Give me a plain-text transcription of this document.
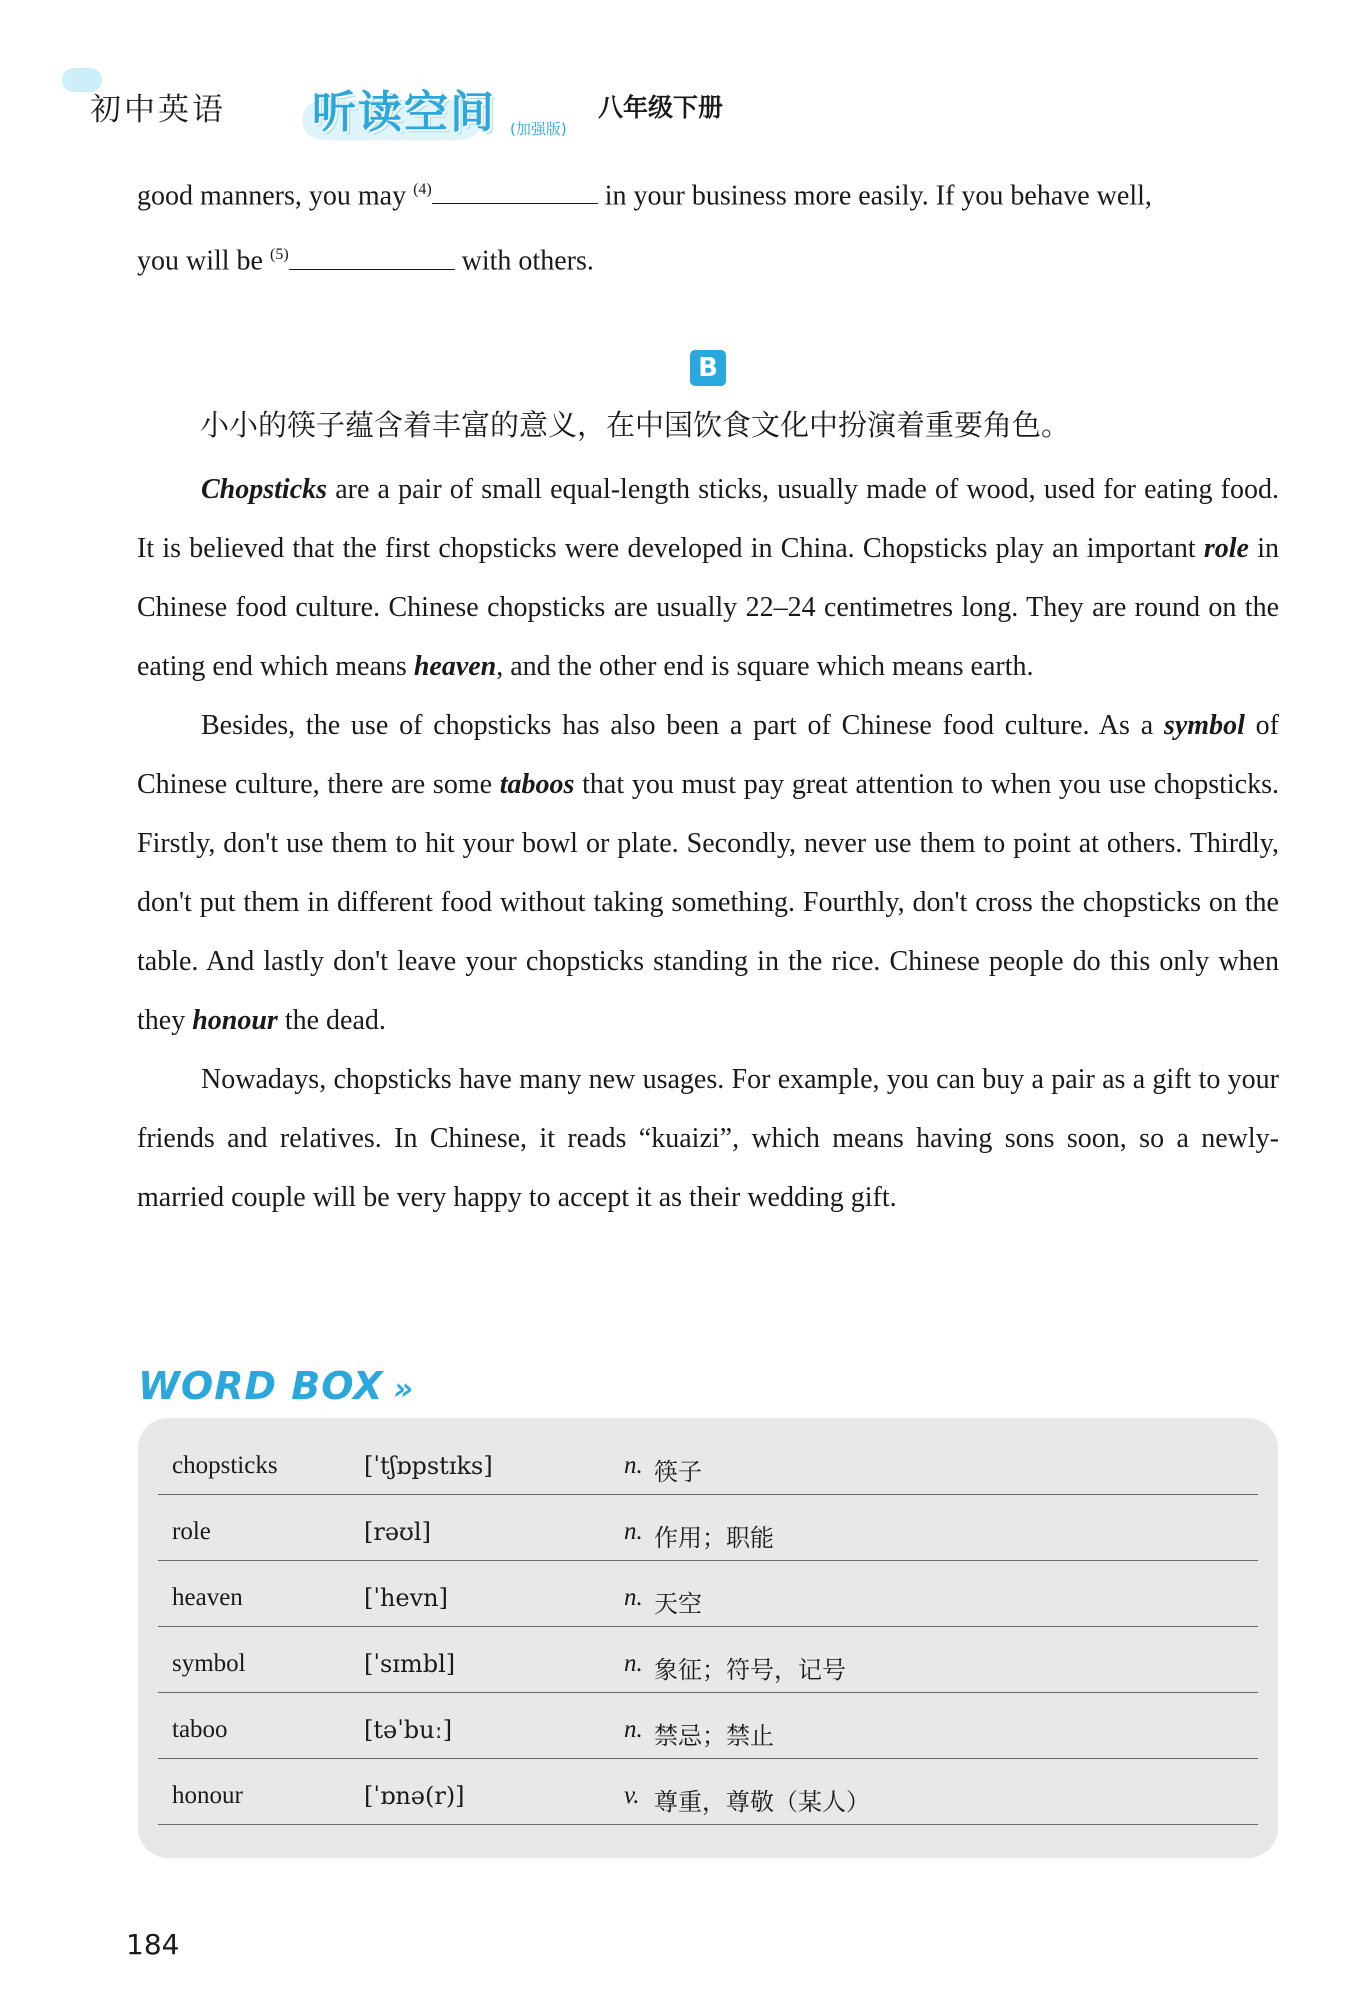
初中英语 听读空间 (加强版)
八年级下册

good manners, you may $^{(4)}$	in your business more easily. If you behave well,

you will be $^{(5)}$	with others.

B
小小的筷子蕴含着丰富的意义，在中国饮食文化中扮演着重要角色。

Chopsticks are a pair of small equal-length sticks, usually made of wood, used for eating food. It is believed that the first chopsticks were developed in China. Chopsticks play an important role in Chinese food culture. Chinese chopsticks are usually 22–24 centimetres long. They are round on the eating end which means heaven, and the other end is square which means earth.

Besides, the use of chopsticks has also been a part of Chinese food culture. As a symbol of Chinese culture, there are some taboos that you must pay great attention to when you use chopsticks. Firstly, don't use them to hit your bowl or plate. Secondly, never use them to point at others. Thirdly, don't put them in different food without taking something. Fourthly, don't cross the chopsticks on the table. And lastly don't leave your chopsticks standing in the rice. Chinese people do this only when they honour the dead.

Nowadays, chopsticks have many new usages. For example, you can buy a pair as a gift to your friends and relatives. In Chinese, it reads “kuaizi”, which means having sons soon, so a newly-married couple will be very happy to accept it as their wedding gift.

WORD BOX »
chopsticks	[ˈtʃɒpstɪks]	n. 筷子
role	[rəʊl]	n. 作用；职能
heaven	[ˈhevn]	n. 天空
symbol	[ˈsɪmbl]	n. 象征；符号，记号
taboo	[təˈbuː]	n. 禁忌；禁止
honour	[ˈɒnə(r)]	v. 尊重，尊敬（某人）
184
